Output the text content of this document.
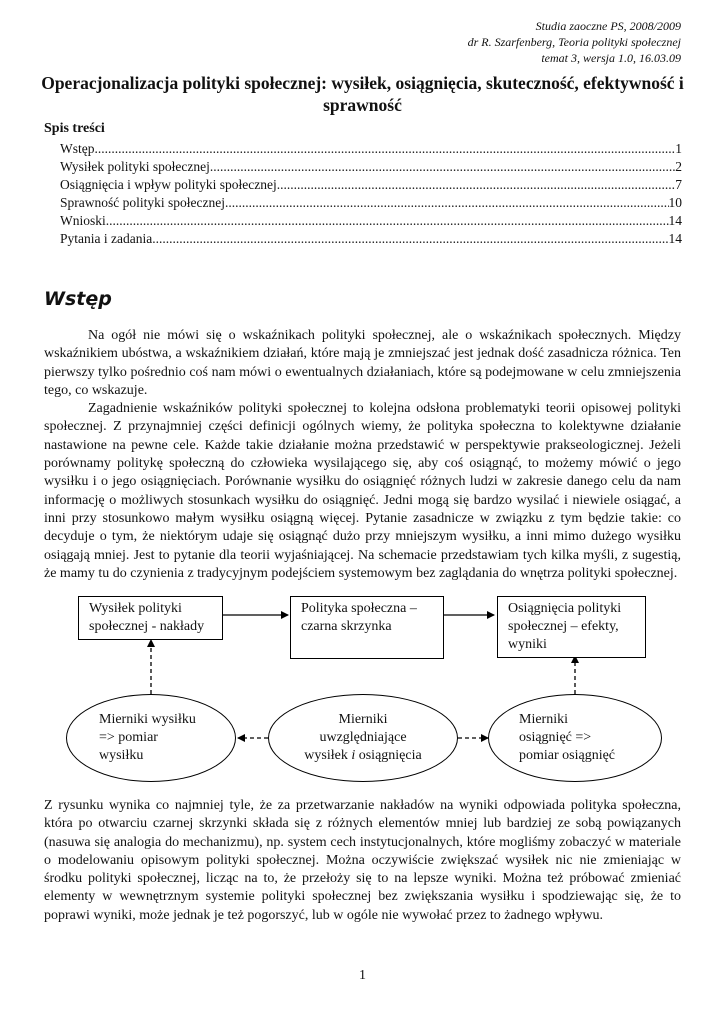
Studia zaoczne PS, 2008/2009
dr R. Szarfenberg, Teoria polityki społecznej
temat 3, wersja 1.0, 16.03.09
Operacjonalizacja polityki społecznej: wysiłek, osiągnięcia, skuteczność, efektywność i sprawność
Spis treści
Wstęp .....	1
Wysiłek polityki społecznej .....	2
Osiągnięcia i wpływ polityki społecznej .....	7
Sprawność polityki społecznej .....	10
Wnioski .....	14
Pytania i zadania .....	14
Wstęp

Na ogół nie mówi się o wskaźnikach polityki społecznej, ale o wskaźnikach społecznych. Między wskaźnikiem ubóstwa, a wskaźnikiem działań, które mają je zmniejszać jest jednak dość zasadnicza różnica. Ten pierwszy tylko pośrednio coś nam mówi o ewentualnych działaniach, które są podejmowane w celu zmniejszenia tego, co wskazuje.

Zagadnienie wskaźników polityki społecznej to kolejna odsłona problematyki teorii opisowej polityki społecznej. Z przynajmniej części definicji ogólnych wiemy, że polityka społeczna to kolektywne działanie nastawione na pewne cele. Każde takie działanie można przedstawić w perspektywie prakseologicznej. Jeżeli porównamy politykę społeczną do człowieka wysilającego się, aby coś osiągnąć, to możemy mówić o jego wysiłku i o jego osiągnięciach. Porównanie wysiłku do osiągnięć różnych ludzi w zakresie danego celu da nam informację o możliwych stosunkach wysiłku do osiągnięć. Jedni mogą się bardzo wysilać i niewiele osiągać, a inni przy stosunkowo małym wysiłku osiągną więcej. Pytanie zasadnicze w związku z tym będzie takie: co decyduje o tym, że niektórym udaje się osiągnąć dużo przy mniejszym wysiłku, a inni mimo dużego wysiłku osiągają mniej. Jest to pytanie dla teorii wyjaśniającej. Na schemacie przedstawiam tych kilka myśli, z sugestią, że mamy tu do czynienia z tradycyjnym podejściem systemowym bez zaglądania do wnętrza polityki społecznej.

Wysiłek polityki
społecznej - nakłady
Polityka społeczna –
czarna skrzynka
Osiągnięcia polityki
społecznej – efekty,
wyniki
Mierniki wysiłku
=> pomiar
wysiłku
Mierniki
uwzględniające
wysiłek i osiągnięcia
Mierniki
osiągnięć =>
pomiar osiągnięć

Z rysunku wynika co najmniej tyle, że za przetwarzanie nakładów na wyniki odpowiada polityka społeczna, która po otwarciu czarnej skrzynki składa się z różnych elementów mniej lub bardziej ze sobą powiązanych (nasuwa się analogia do mechanizmu), np. system cech instytucjonalnych, które mogliśmy zobaczyć w materiale o modelowaniu opisowym polityki społecznej. Można oczywiście zwiększać wysiłek nic nie zmieniając w środku polityki społecznej, licząc na to, że przełoży się to na lepsze wyniki. Można też próbować zmieniać elementy w wewnętrznym systemie polityki społecznej bez zwiększania wysiłku i spodziewając się, że to poprawi wyniki, może jednak je też pogorszyć, lub w ogóle nie wywołać przez to żadnego wpływu.

1
